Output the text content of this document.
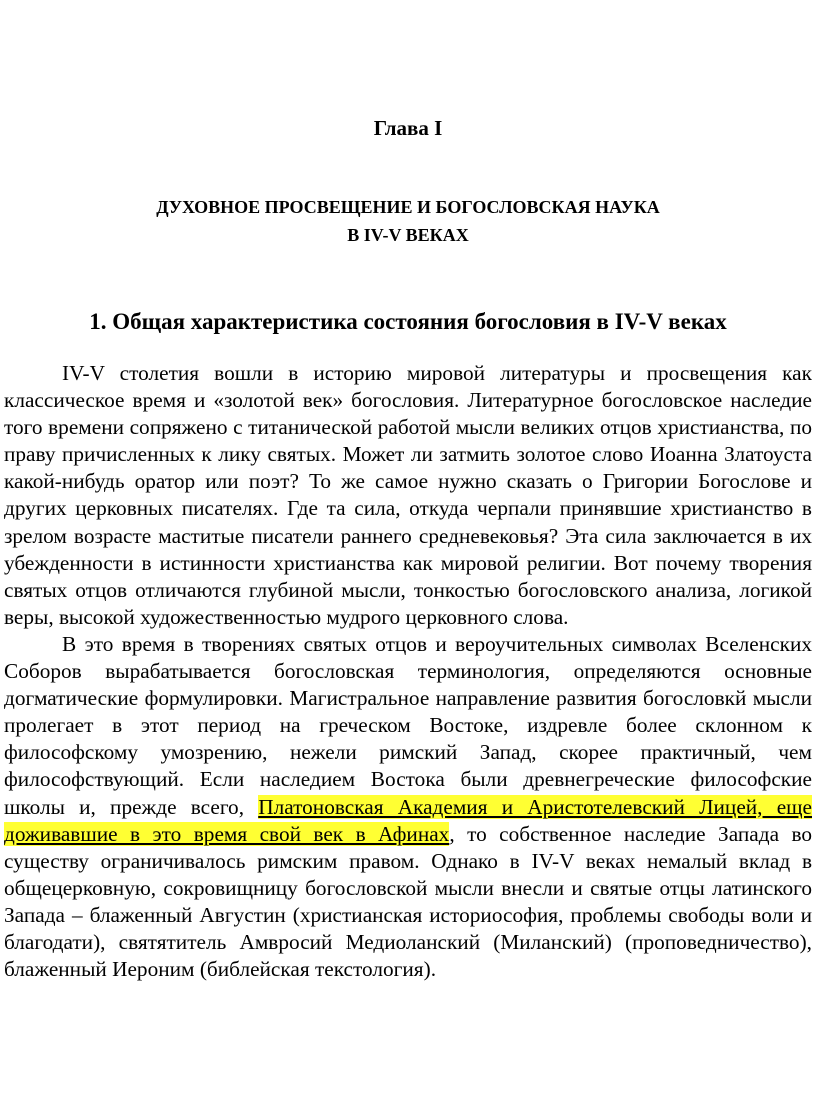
Глава I
ДУХОВНОЕ ПРОСВЕЩЕНИЕ И БОГОСЛОВСКАЯ НАУКА
В IV-V ВЕКАХ
1. Общая характеристика состояния богословия в IV-V веках

IV-V столетия вошли в историю мировой литературы и просвещения как классическое время и «золотой век» богословия. Литературное богословское наследие того времени сопряжено с титанической работой мысли великих отцов христианства, по праву причисленных к лику святых. Может ли затмить золотое слово Иоанна Златоуста какой-нибудь оратор или поэт? То же самое нужно сказать о Григории Богослове и других церковных писателях. Где та сила, откуда черпали принявшие христианство в зрелом возрасте маститые писатели раннего средневековья? Эта сила заключается в их убежденности в истинности христианства как мировой религии. Вот почему творения святых отцов отличаются глубиной мысли, тонкостью богословского анализа, логикой веры, высокой художественностью мудрого церковного слова.

В это время в творениях святых отцов и вероучительных символах Вселенских Соборов вырабатывается богословская терминология, определяются основные догматические формулировки. Магистральное направление развития богословкй мысли пролегает в этот период на греческом Востоке, издревле более склонном к философскому умозрению, нежели римский Запад, скорее практичный, чем философствующий. Если наследием Востока были древнегреческие философские школы и, прежде всего, Платоновская Академия и Аристотелевский Лицей, еще доживавшие в это время свой век в Афинах, то собственное наследие Запада во существу ограничивалось римским правом. Однако в IV-V веках немалый вклад в общецерковную, сокровищницу богословской мысли внесли и святые отцы латинского Запада – блаженный Августин (христианская историософия, проблемы свободы воли и благодати), святятитель Амвросий Медиоланский (Миланский) (проповедничество), блаженный Иероним (библейская текстология).
